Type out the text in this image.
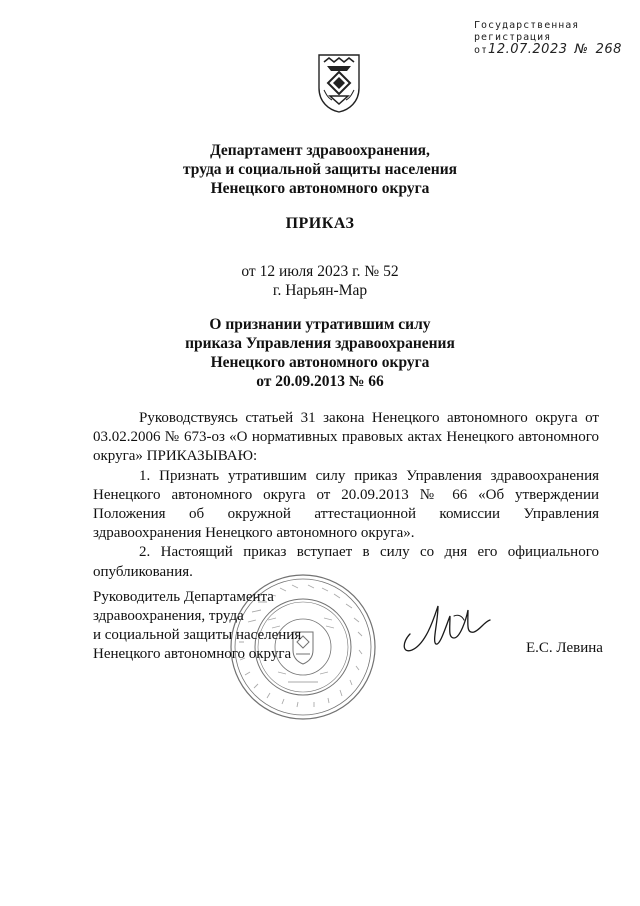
Государственная
регистрация
от12.07.2023 № 268
Департамент здравоохранения,
труда и социальной защиты населения
Ненецкого автономного округа
ПРИКАЗ
от 12 июля 2023 г. № 52
г. Нарьян-Мар
О признании утратившим силу
приказа Управления здравоохранения
Ненецкого автономного округа
от 20.09.2013 № 66

Руководствуясь статьей 31 закона Ненецкого автономного округа от 03.02.2006 № 673-оз «О нормативных правовых актах Ненецкого автономного округа» ПРИКАЗЫВАЮ:

1. Признать утратившим силу приказ Управления здравоохранения Ненецкого автономного округа от 20.09.2013 № 66 «Об утверждении Положения об окружной аттестационной комиссии Управления здравоохранения Ненецкого автономного округа».

2. Настоящий приказ вступает в силу со дня его официального опубликования.

Руководитель Департамента
здравоохранения, труда
и социальной защиты населения
Ненецкого автономного округа	Е.С. Левина
